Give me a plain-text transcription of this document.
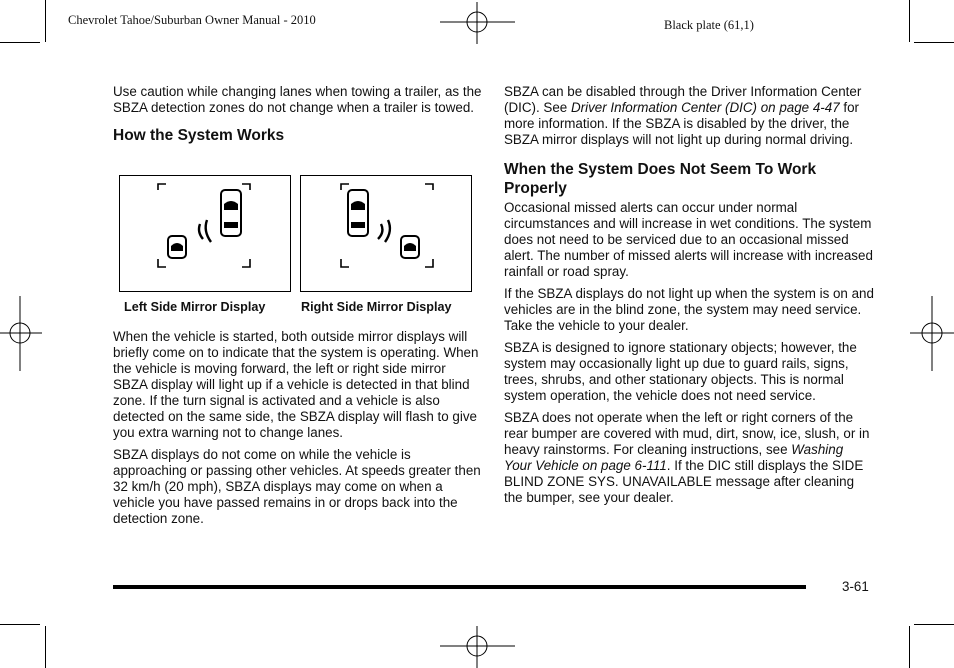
Chevrolet Tahoe/Suburban Owner Manual - 2010	Black plate (61,1)

Use caution while changing lanes when towing a trailer, as the SBZA detection zones do not change when a trailer is towed.

How the System Works
Left Side Mirror Display	Right Side Mirror Display

When the vehicle is started, both outside mirror displays will briefly come on to indicate that the system is operating. When the vehicle is moving forward, the left or right side mirror SBZA display will light up if a vehicle is detected in that blind zone. If the turn signal is activated and a vehicle is also detected on the same side, the SBZA display will flash to give you extra warning not to change lanes.

SBZA displays do not come on while the vehicle is approaching or passing other vehicles. At speeds greater then 32 km/h (20 mph), SBZA displays may come on when a vehicle you have passed remains in or drops back into the detection zone.

SBZA can be disabled through the Driver Information Center (DIC). See Driver Information Center (DIC) on page 4-47 for more information. If the SBZA is disabled by the driver, the SBZA mirror displays will not light up during normal driving.

When the System Does Not Seem To Work Properly

Occasional missed alerts can occur under normal circumstances and will increase in wet conditions. The system does not need to be serviced due to an occasional missed alert. The number of missed alerts will increase with increased rainfall or road spray.

If the SBZA displays do not light up when the system is on and vehicles are in the blind zone, the system may need service. Take the vehicle to your dealer.

SBZA is designed to ignore stationary objects; however, the system may occasionally light up due to guard rails, signs, trees, shrubs, and other stationary objects. This is normal system operation, the vehicle does not need service.

SBZA does not operate when the left or right corners of the rear bumper are covered with mud, dirt, snow, ice, slush, or in heavy rainstorms. For cleaning instructions, see Washing Your Vehicle on page 6-111. If the DIC still displays the SIDE BLIND ZONE SYS. UNAVAILABLE message after cleaning the bumper, see your dealer.

3-61
